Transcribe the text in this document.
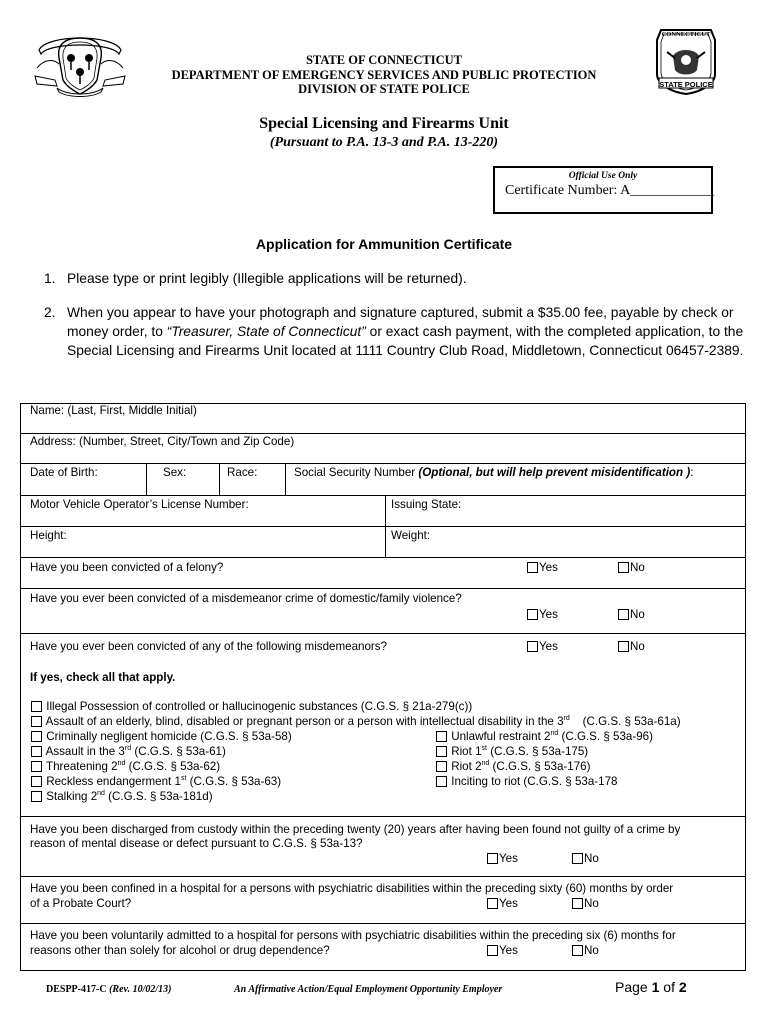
CONNECTICUT
STATE POLICE
STATE OF CONNECTICUT
DEPARTMENT OF EMERGENCY SERVICES AND PUBLIC PROTECTION
DIVISION OF STATE POLICE
Special Licensing and Firearms Unit
(Pursuant to P.A. 13-3 and P.A. 13-220)
Official Use Only
Certificate Number: A____________
Application for Ammunition Certificate
1. Please type or print legibly (Illegible applications will be returned).
2. When you appear to have your photograph and signature captured, submit a $35.00 fee, payable by check or money order, to “Treasurer, State of Connecticut” or exact cash payment, with the completed application, to the Special Licensing and Firearms Unit located at 1111 Country Club Road, Middletown, Connecticut 06457-2389.
Name: (Last, First, Middle Initial)
Address: (Number, Street, City/Town and Zip Code)
Date of Birth:	Sex:	Race:	Social Security Number (Optional, but will help prevent misidentification ):
Motor Vehicle Operator’s License Number:	Issuing State:
Height:	Weight:
Have you been convicted of a felony?	Yes	No
Have you ever been convicted of a misdemeanor crime of domestic/family violence?
Yes	No
Have you ever been convicted of any of the following misdemeanors?	Yes	No
If yes, check all that apply.
Illegal Possession of controlled or hallucinogenic substances (C.G.S. § 21a-279(c))
Assault of an elderly, blind, disabled or pregnant person or a person with intellectual disability in the 3rd (C.G.S. § 53a-61a)
Criminally negligent homicide (C.G.S. § 53a-58)
Assault in the 3rd (C.G.S. § 53a-61)
Threatening 2nd (C.G.S. § 53a-62)
Reckless endangerment 1st (C.G.S. § 53a-63)
Stalking 2nd (C.G.S. § 53a-181d)
Unlawful restraint 2nd (C.G.S. § 53a-96)
Riot 1st (C.G.S. § 53a-175)
Riot 2nd (C.G.S. § 53a-176)
Inciting to riot (C.G.S. § 53a-178
Have you been discharged from custody within the preceding twenty (20) years after having been found not guilty of a crime by
reason of mental disease or defect pursuant to C.G.S. § 53a-13?
Yes	No
Have you been confined in a hospital for a persons with psychiatric disabilities within the preceding sixty (60) months by order
of a Probate Court?	Yes	No
Have you been voluntarily admitted to a hospital for persons with psychiatric disabilities within the preceding six (6) months for
reasons other than solely for alcohol or drug dependence?	Yes	No
DESPP-417-C (Rev. 10/02/13)	An Affirmative Action/Equal Employment Opportunity Employer	Page 1 of 2
